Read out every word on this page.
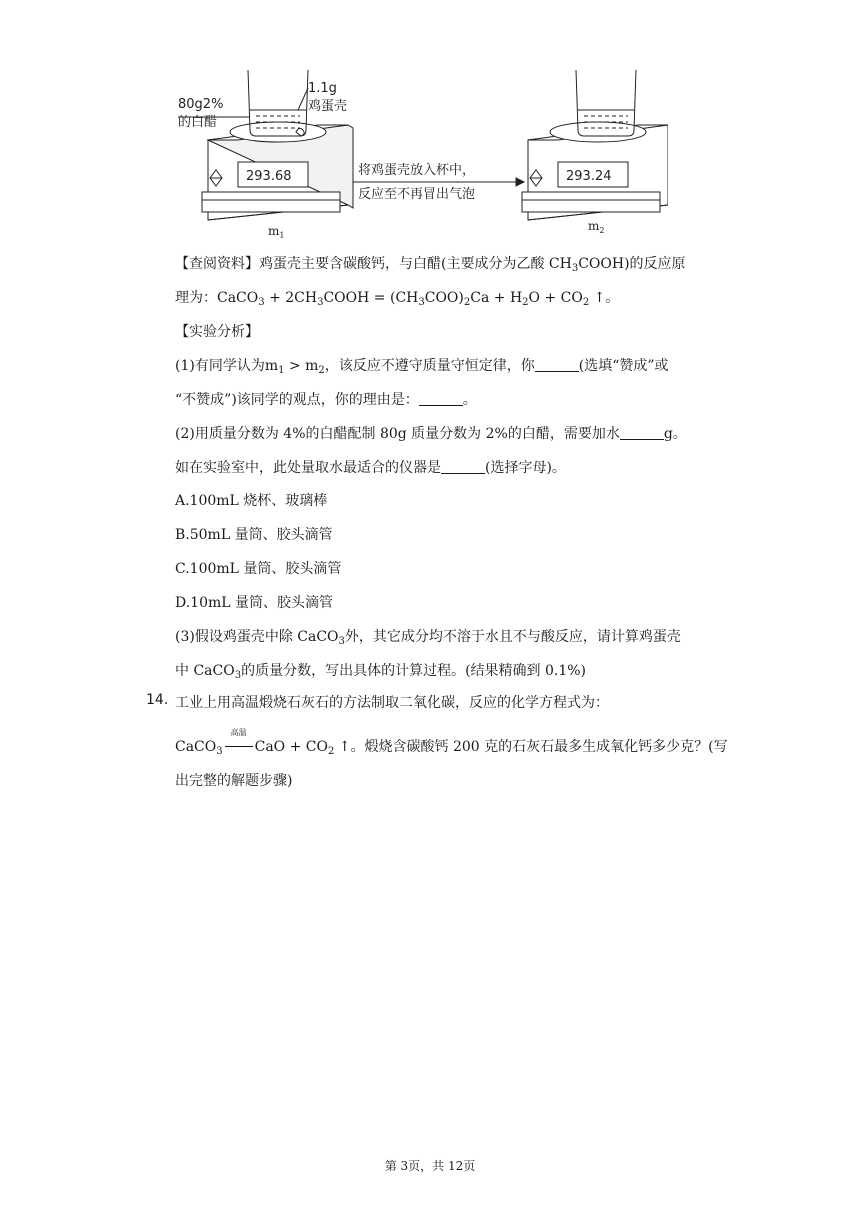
80g2%
的白醋
1.1g
鸡蛋壳
293.68	将鸡蛋壳放入杯中，
反应至不再冒出气泡
293.24
$m_1$
$m_2$
【查阅资料】鸡蛋壳主要含碳酸钙，与白醋(主要成分为乙酸 $CH_3COOH$)的反应原
理为：CaCO$_3$ + $2CH_3COOH = (CH_3COO)_2Ca + H_2O + CO_2$ ↑。
【实验分析】
(1)有同学认为$m_1 > m_2$，该反应不遵守质量守恒定律，你	(选填“赞成”或
“不赞成”)该同学的观点，你的理由是：	。
(2)用质量分数为 4%的白醋配制 80g 质量分数为 2%的白醋，需要加水	g。
如在实验室中，此处量取水最适合的仪器是	(选择字母)。
A.100mL 烧杯、玻璃棒
B.50mL 量筒、胶头滴管
C.100mL 量筒、胶头滴管
D.10mL 量筒、胶头滴管
(3)假设鸡蛋壳中除 CaCO$_3$外，其它成分均不溶于水且不与酸反应，请计算鸡蛋壳
中 CaCO$_3$的质量分数，写出具体的计算过程。(结果精确到 0.1%)
14. 工业上用高温煅烧石灰石的方法制取二氧化碳，反应的化学方程式为：
CaCO$_3$
高温
CaO + $CO_2$ ↑。煅烧含碳酸钙 200 克的石灰石最多生成氧化钙多少克？(写
出完整的解题步骤)
第 3页，共 12页
